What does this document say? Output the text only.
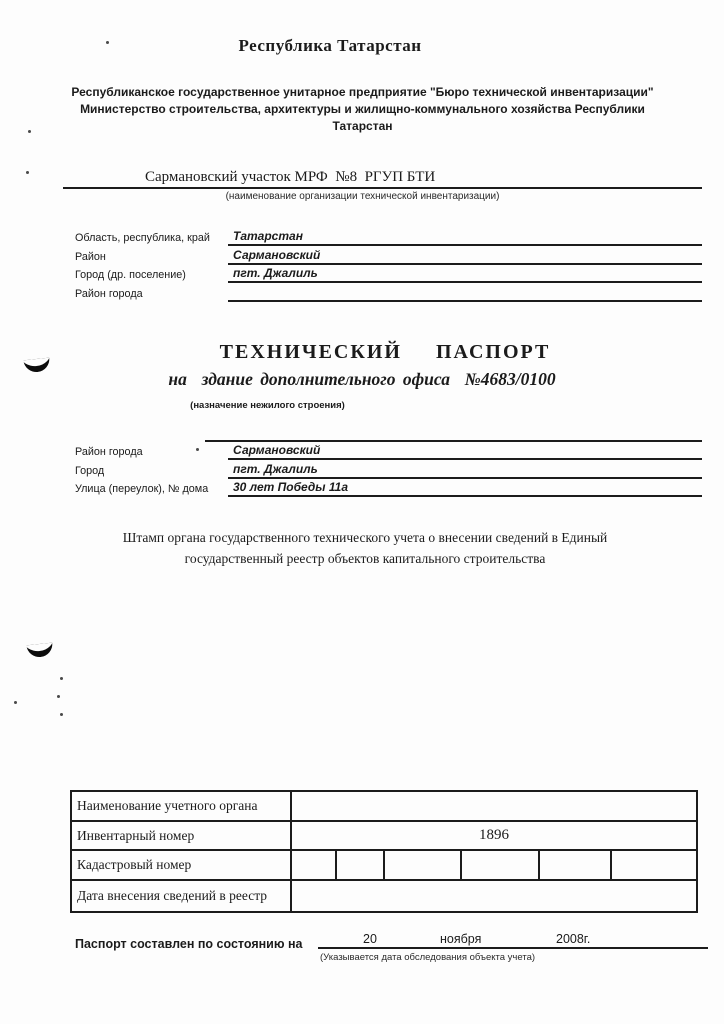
Республика Татарстан
Республиканское государственное унитарное предприятие "Бюро технической инвентаризации"
Министерство строительства, архитектуры и жилищно-коммунального хозяйства Республики
Татарстан
Сармановский участок МРФ  №8  РГУП БТИ
(наименование организации технической инвентаризации)
Область, республика, край	Татарстан
Район	Сармановский
Город (др. поселение)	пгт. Джалиль
Район города
ТЕХНИЧЕСКИЙ  ПАСПОРТ
на  здание дополнительного офиса  №4683/0100
(назначение нежилого строения)
Район города	Сармановский
Город	пгт. Джалиль
Улица (переулок), № дома	30 лет Победы 11а
Штамп органа государственного технического учета о внесении сведений в Единый
государственный реестр объектов капитального строительства
Наименование учетного органа
Инвентарный номер	1896
Кадастровый номер
Дата внесения сведений в реестр
Паспорт составлен по состоянию на	20	ноября	2008г.
(Указывается дата обследования объекта учета)
